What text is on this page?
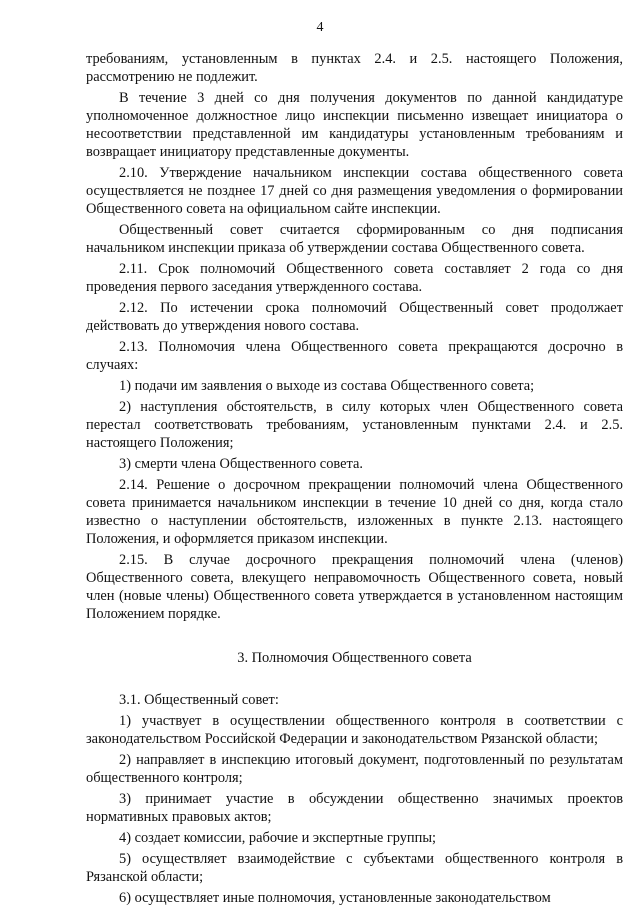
4

требованиям, установленным в пунктах 2.4. и 2.5. настоящего Положения, рассмотрению не подлежит.

В течение 3 дней со дня получения документов по данной кандидатуре уполномоченное должностное лицо инспекции письменно извещает инициатора о несоответствии представленной им кандидатуры установленным требованиям и возвращает инициатору представленные документы.

2.10. Утверждение начальником инспекции состава общественного совета осуществляется не позднее 17 дней со дня размещения уведомления о формировании Общественного совета на официальном сайте инспекции.

Общественный совет считается сформированным со дня подписания начальником инспекции приказа об утверждении состава Общественного совета.

2.11. Срок полномочий Общественного совета составляет 2 года со дня проведения первого заседания утвержденного состава.

2.12. По истечении срока полномочий Общественный совет продолжает действовать до утверждения нового состава.

2.13. Полномочия члена Общественного совета прекращаются досрочно в случаях:

1) подачи им заявления о выходе из состава Общественного совета;

2) наступления обстоятельств, в силу которых член Общественного совета перестал соответствовать требованиям, установленным пунктами 2.4. и 2.5. настоящего Положения;

3) смерти члена Общественного совета.

2.14. Решение о досрочном прекращении полномочий члена Общественного совета принимается начальником инспекции в течение 10 дней со дня, когда стало известно о наступлении обстоятельств, изложенных в пункте 2.13. настоящего Положения, и оформляется приказом инспекции.

2.15. В случае досрочного прекращения полномочий члена (членов) Общественного совета, влекущего неправомочность Общественного совета, новый член (новые члены) Общественного совета утверждается в установленном настоящим Положением порядке.

3. Полномочия Общественного совета

3.1. Общественный совет:

1) участвует в осуществлении общественного контроля в соответствии с законодательством Российской Федерации и законодательством Рязанской области;

2) направляет в инспекцию итоговый документ, подготовленный по результатам общественного контроля;

3) принимает участие в обсуждении общественно значимых проектов нормативных правовых актов;

4) создает комиссии, рабочие и экспертные группы;

5) осуществляет взаимодействие с субъектами общественного контроля в Рязанской области;

6) осуществляет иные полномочия, установленные законодательством
